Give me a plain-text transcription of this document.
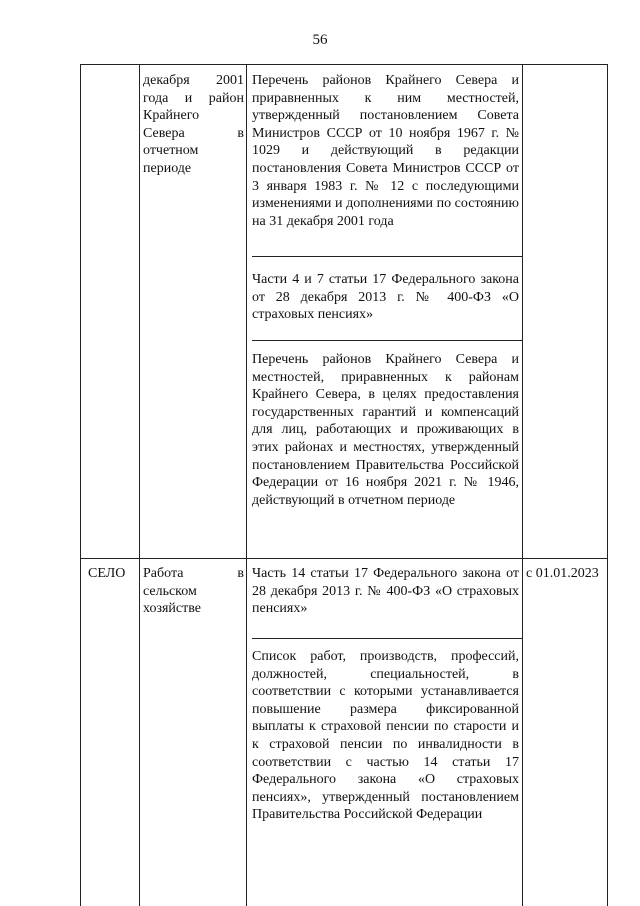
56
декабря 2001 года и район Крайнего Севера в отчетном периоде
Перечень районов Крайнего Севера и приравненных к ним местностей, утвержденный постановлением Совета Министров СССР от 10 ноября 1967 г. № 1029 и действующий в редакции постановления Совета Министров СССР от 3 января 1983 г. № 12 с последующими изменениями и дополнениями по состоянию на 31 декабря 2001 года
Части 4 и 7 статьи 17 Федерального закона от 28 декабря 2013 г. № 400-ФЗ «О страховых пенсиях»
Перечень районов Крайнего Севера и местностей, приравненных к районам Крайнего Севера, в целях предоставления государственных гарантий и компенсаций для лиц, работающих и проживающих в этих районах и местностях, утвержденный постановлением Правительства Российской Федерации от 16 ноября 2021 г. № 1946, действующий в отчетном периоде
СЕЛО	Работа в сельском хозяйстве
Часть 14 статьи 17 Федерального закона от 28 декабря 2013 г. № 400-ФЗ «О страховых пенсиях»
Список работ, производств, профессий, должностей, специальностей, в соответствии с которыми устанавливается повышение размера фиксированной выплаты к страховой пенсии по старости и к страховой пенсии по инвалидности в соответствии с частью 14 статьи 17 Федерального закона «О страховых пенсиях», утвержденный постановлением Правительства Российской Федерации
с 01.01.2023
